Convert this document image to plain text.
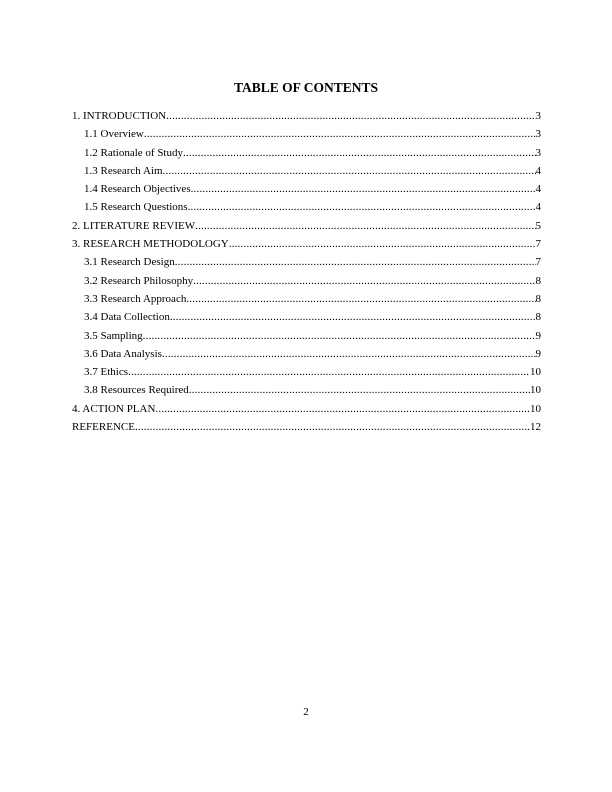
TABLE OF CONTENTS
1. INTRODUCTION .....	3
1.1 Overview .....	3
1.2 Rationale of Study .....	3
1.3 Research Aim .....	4
1.4 Research Objectives .....	4
1.5 Research Questions .....	4
2. LITERATURE REVIEW .....	5
3. RESEARCH METHODOLOGY .....	7
3.1 Research Design .....	7
3.2 Research Philosophy .....	8
3.3 Research Approach .....	8
3.4 Data Collection .....	8
3.5 Sampling .....	9
3.6 Data Analysis .....	9
3.7 Ethics .....	10
3.8 Resources Required .....	10
4. ACTION PLAN .....	10
REFERENCE .....	12
2
